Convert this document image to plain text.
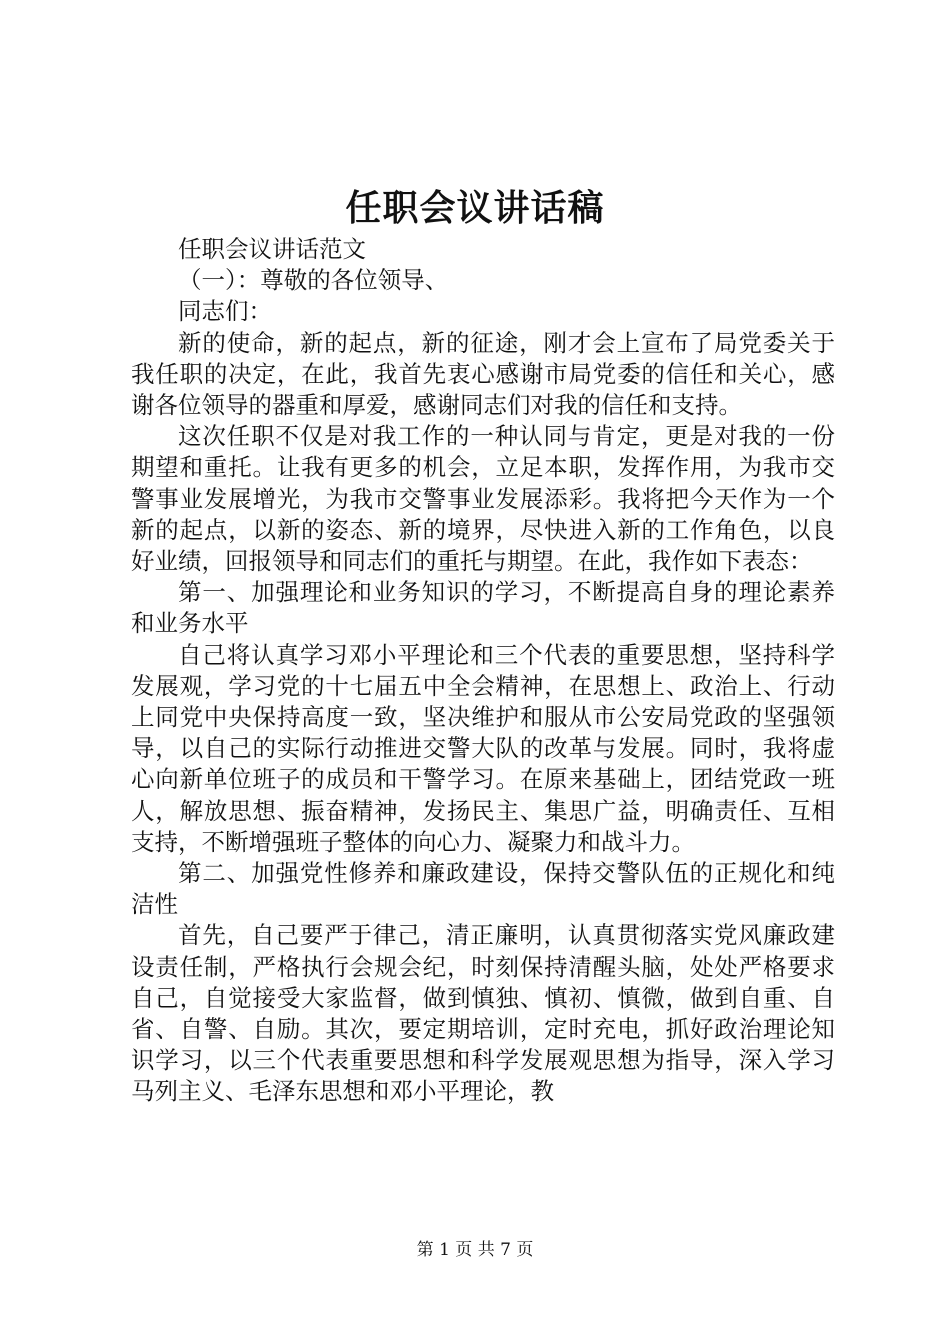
任职会议讲话稿

任职会议讲话范文

（一）：尊敬的各位领导、

同志们：

新的使命，新的起点，新的征途，刚才会上宣布了局党委关于我任职的决定，在此，我首先衷心感谢市局党委的信任和关心，感谢各位领导的器重和厚爱，感谢同志们对我的信任和支持。

这次任职不仅是对我工作的一种认同与肯定，更是对我的一份期望和重托。让我有更多的机会，立足本职，发挥作用，为我市交警事业发展增光，为我市交警事业发展添彩。我将把今天作为一个新的起点，以新的姿态、新的境界，尽快进入新的工作角色，以良好业绩，回报领导和同志们的重托与期望。在此，我作如下表态：

第一、加强理论和业务知识的学习，不断提高自身的理论素养和业务水平

自己将认真学习邓小平理论和三个代表的重要思想，坚持科学发展观，学习党的十七届五中全会精神，在思想上、政治上、行动上同党中央保持高度一致，坚决维护和服从市公安局党政的坚强领导，以自己的实际行动推进交警大队的改革与发展。同时，我将虚心向新单位班子的成员和干警学习。在原来基础上，团结党政一班人，解放思想、振奋精神，发扬民主、集思广益，明确责任、互相支持，不断增强班子整体的向心力、凝聚力和战斗力。

第二、加强党性修养和廉政建设，保持交警队伍的正规化和纯洁性

首先，自己要严于律己，清正廉明，认真贯彻落实党风廉政建设责任制，严格执行会规会纪，时刻保持清醒头脑，处处严格要求自己，自觉接受大家监督，做到慎独、慎初、慎微，做到自重、自省、自警、自励。其次，要定期培训，定时充电，抓好政治理论知识学习，以三个代表重要思想和科学发展观思想为指导，深入学习马列主义、毛泽东思想和邓小平理论，教

第 1 页 共 7 页
